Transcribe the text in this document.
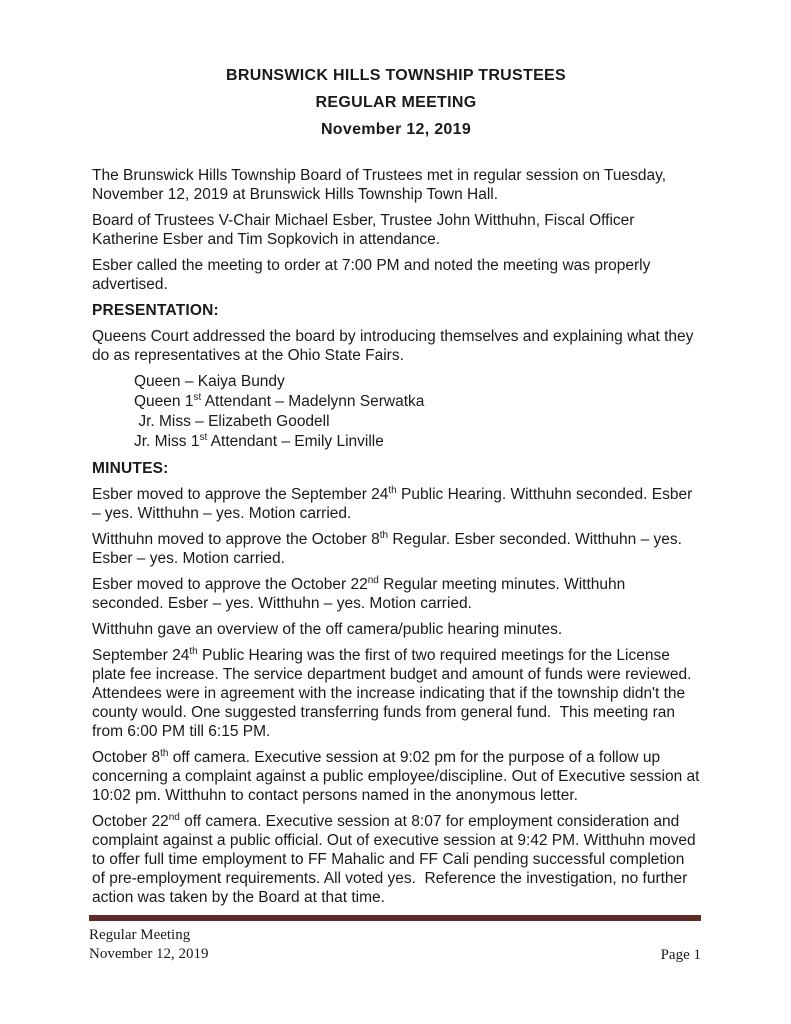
BRUNSWICK HILLS TOWNSHIP TRUSTEES
REGULAR MEETING
November 12, 2019

The Brunswick Hills Township Board of Trustees met in regular session on Tuesday, November 12, 2019 at Brunswick Hills Township Town Hall.

Board of Trustees V-Chair Michael Esber, Trustee John Witthuhn, Fiscal Officer Katherine Esber and Tim Sopkovich in attendance.

Esber called the meeting to order at 7:00 PM and noted the meeting was properly advertised.

PRESENTATION:

Queens Court addressed the board by introducing themselves and explaining what they do as representatives at the Ohio State Fairs.

Queen – Kaiya Bundy
Queen 1st Attendant – Madelynn Serwatka
Jr. Miss – Elizabeth Goodell
Jr. Miss 1st Attendant – Emily Linville
MINUTES:

Esber moved to approve the September 24th Public Hearing. Witthuhn seconded. Esber – yes. Witthuhn – yes. Motion carried.

Witthuhn moved to approve the October 8th Regular. Esber seconded. Witthuhn – yes. Esber – yes. Motion carried.

Esber moved to approve the October 22nd Regular meeting minutes. Witthuhn seconded. Esber – yes. Witthuhn – yes. Motion carried.

Witthuhn gave an overview of the off camera/public hearing minutes.

September 24th Public Hearing was the first of two required meetings for the License plate fee increase. The service department budget and amount of funds were reviewed. Attendees were in agreement with the increase indicating that if the township didn't the county would. One suggested transferring funds from general fund.  This meeting ran from 6:00 PM till 6:15 PM.

October 8th off camera. Executive session at 9:02 pm for the purpose of a follow up concerning a complaint against a public employee/discipline. Out of Executive session at 10:02 pm. Witthuhn to contact persons named in the anonymous letter.

October 22nd off camera. Executive session at 8:07 for employment consideration and complaint against a public official. Out of executive session at 9:42 PM. Witthuhn moved to offer full time employment to FF Mahalic and FF Cali pending successful completion of pre-employment requirements. All voted yes.  Reference the investigation, no further action was taken by the Board at that time.

Regular Meeting
November 12, 2019	Page 1
